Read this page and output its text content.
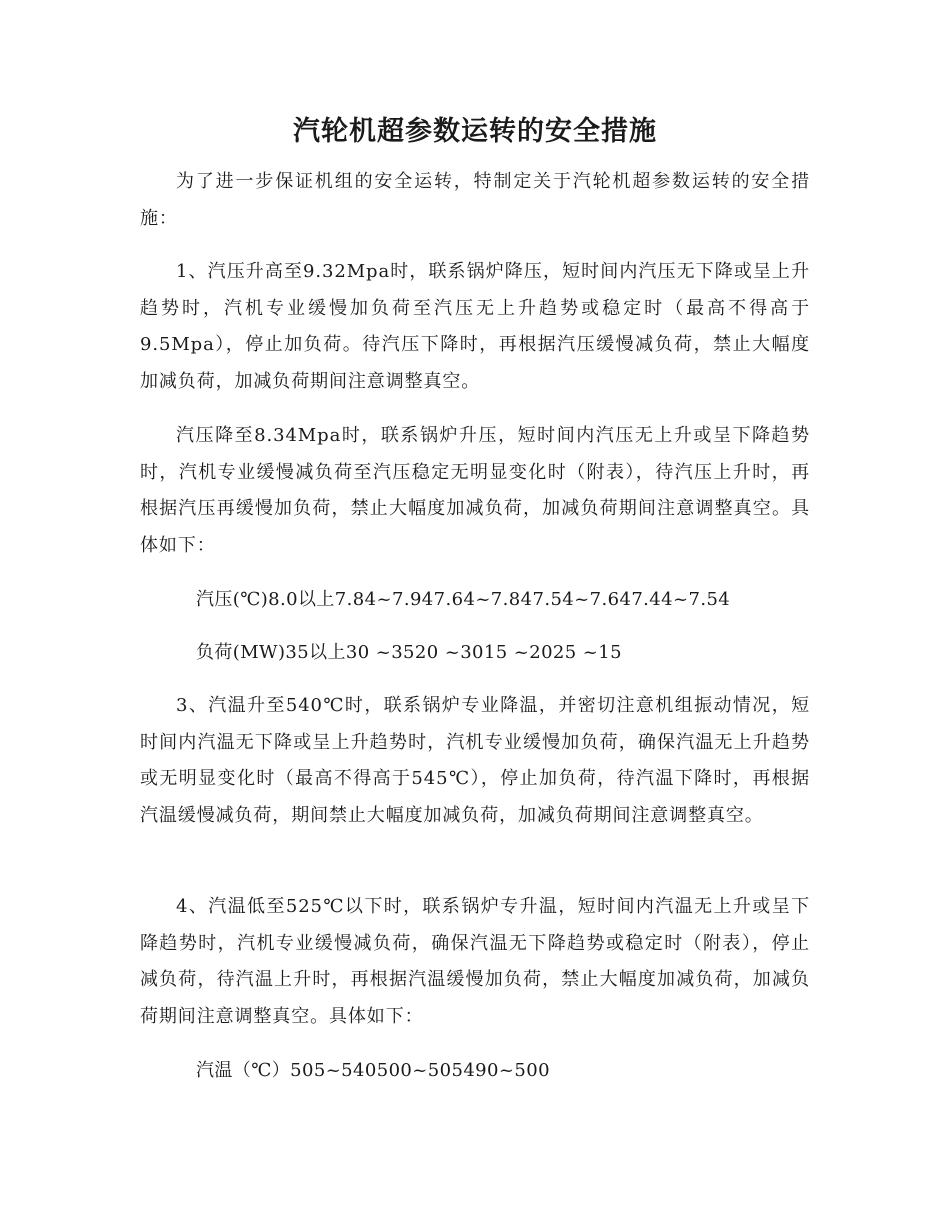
汽轮机超参数运转的安全措施

为了进一步保证机组的安全运转，特制定关于汽轮机超参数运转的安全措施：

1、汽压升高至9.32Mpa时，联系锅炉降压，短时间内汽压无下降或呈上升趋势时，汽机专业缓慢加负荷至汽压无上升趋势或稳定时（最高不得高于9.5Mpa），停止加负荷。待汽压下降时，再根据汽压缓慢减负荷，禁止大幅度加减负荷，加减负荷期间注意调整真空。

汽压降至8.34Mpa时，联系锅炉升压，短时间内汽压无上升或呈下降趋势时，汽机专业缓慢减负荷至汽压稳定无明显变化时（附表），待汽压上升时，再根据汽压再缓慢加负荷，禁止大幅度加减负荷，加减负荷期间注意调整真空。具体如下：

汽压(℃)8.0以上7.84~7.947.64~7.847.54~7.647.44~7.54

负荷(MW)35以上30 ~3520 ~3015 ~2025 ~15

3、汽温升至540℃时，联系锅炉专业降温，并密切注意机组振动情况，短时间内汽温无下降或呈上升趋势时，汽机专业缓慢加负荷，确保汽温无上升趋势或无明显变化时（最高不得高于545℃），停止加负荷，待汽温下降时，再根据汽温缓慢减负荷，期间禁止大幅度加减负荷，加减负荷期间注意调整真空。

4、汽温低至525℃以下时，联系锅炉专升温，短时间内汽温无上升或呈下降趋势时，汽机专业缓慢减负荷，确保汽温无下降趋势或稳定时（附表），停止减负荷，待汽温上升时，再根据汽温缓慢加负荷，禁止大幅度加减负荷，加减负荷期间注意调整真空。具体如下：

汽温（℃）505~540500~505490~500
